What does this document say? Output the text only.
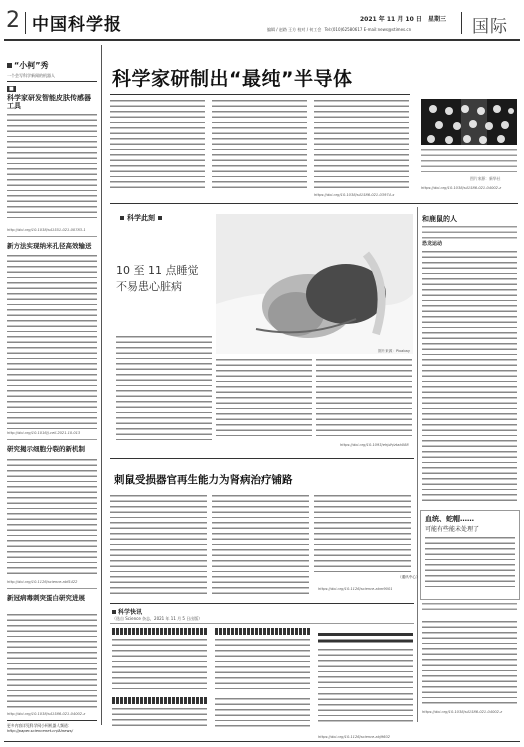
2 中国科学报	2021 年 11 月 10 日 星期三
编辑 / 赵路 王方 校对 / 何工会 Tel:(010)62580617 E-mail:news@stimes.cn	国际
“小柯”秀
一个会写科学新闻的机器人
■
科学家研发智能皮肤传感器工具
http://doi.org/10.1038/s41551-021-00783-1
新方法实现纳米孔径高效输送
http://doi.org/10.1016/j.cell.2021.10.013
研究揭示细胞分裂的新机制
http://doi.org/10.1126/science.abf5422
新冠病毒刺突蛋白研究进展
http://doi.org/10.1038/s41586-021-04002-z
更多内容详见科学网小柯机器人频道：
http://paper.sciencenet.cn/AInews/
科学家研制出“最纯”半导体
https://doi.org/10.1038/s41586-021-03974-x
图片来源：新华社
https://doi.org/10.1038/s41586-021-04002-z
科学此刻
10 至 11 点睡觉
不易患心脏病
图片来源：Pixabay
https://doi.org/10.1093/ehjdh/ztab088
和鹿鼠的人
恐龙运动
血统、蛇帽……
可能有些能未处理了
https://doi.org/10.1038/s41586-021-04002-z
刺鼠受损器官再生能力为肾病治疗铺路
（通讯中心）
https://doi.org/10.1126/science.abm9001
科学快讯
（选自 Science 杂志，2021 年 11 月 5 日出版）
https://doi.org/10.1126/science.abj9602
